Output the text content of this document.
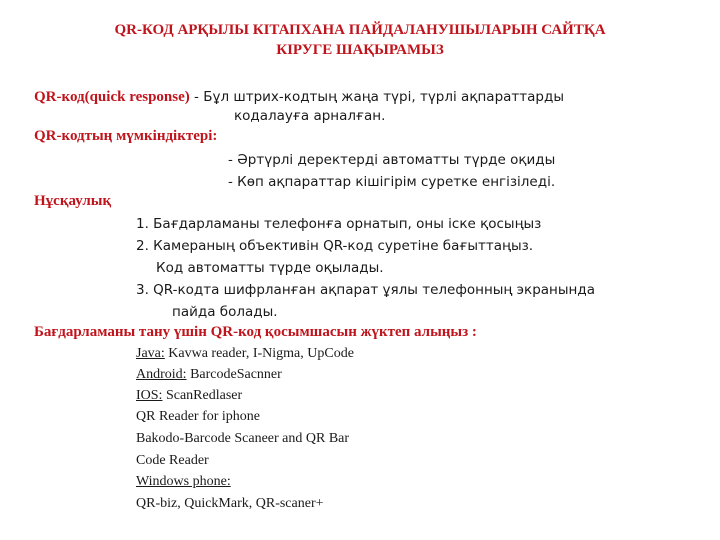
QR-КОД АРҚЫЛЫ КІТАПХАНА ПАЙДАЛАНУШЫЛАРЫН САЙТҚА
КІРУГЕ ШАҚЫРАМЫЗ
QR-код(quick response) - Бұл штрих-кодтың жаңа түрі, түрлі ақпараттарды
кодалауға арналған.
QR-кодтың мүмкіндіктері:
- Әртүрлі деректерді автоматты түрде оқиды
- Көп ақпараттар кішігірім суретке енгізіледі.
Нұсқаулық
1. Бағдарламаны телефонға орнатып, оны іске қосыңыз
2. Камераның объективін QR-код суретіне бағыттаңыз.
Код автоматты түрде оқылады.
3. QR-кодта шифрланған ақпарат ұялы телефонның экранында
пайда болады.
Бағдарламаны тану үшін QR-код қосымшасын жүктеп алыңыз :
Java: Kavwa reader, I-Nigma, UpCode
Android: BarcodeSacnner
IOS: ScanRedlaser
QR Reader for iphone
Bakodo-Barcode Scaneer and QR Bar
Code Reader
Windows phone:
QR-biz, QuickMark, QR-scaner+
